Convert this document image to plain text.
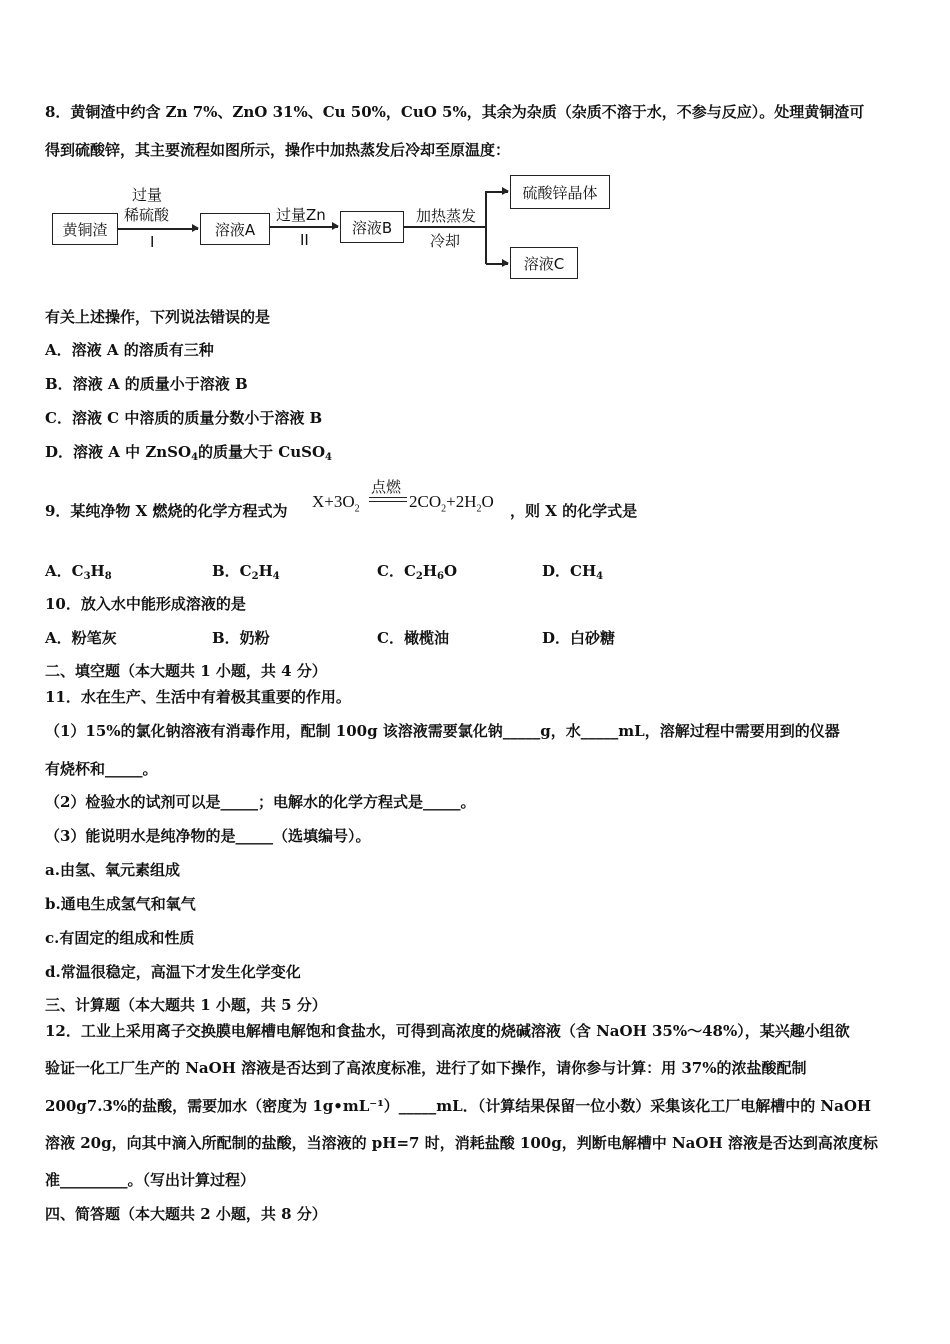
8．黄铜渣中约含 Zn 7%、ZnO 31%、Cu 50%，CuO 5%，其余为杂质（杂质不溶于水，不参与反应）。处理黄铜渣可
得到硫酸锌，其主要流程如图所示，操作中加热蒸发后冷却至原温度：
黄铜渣
过量
稀硫酸
I
溶液A
过量Zn
II
溶液B
加热蒸发
冷却
硫酸锌晶体
溶液C
有关上述操作，下列说法错误的是
A．溶液 A 的溶质有三种
B．溶液 A 的质量小于溶液 B
C．溶液 C 中溶质的质量分数小于溶液 B
D．溶液 A 中 ZnSO$_4$的质量大于 CuSO$_4$
9．某纯净物 X 燃烧的化学方程式为 $X+3O_2$
点燃
$2CO_2+2H_2O$ ，则 X 的化学式是
A．$C_3H_8$	B．$C_2H_4$	C．$C_2H_6O$	D．$CH_4$
10．放入水中能形成溶液的是
A．粉笔灰	B．奶粉	C．橄榄油	D．白砂糖
二、填空题（本大题共 1 小题，共 4 分）
11．水在生产、生活中有着极其重要的作用。
（1）15%的氯化钠溶液有消毒作用，配制 100g 该溶液需要氯化钠_____g，水_____mL，溶解过程中需要用到的仪器
有烧杯和_____。
（2）检验水的试剂可以是_____；电解水的化学方程式是_____。
（3）能说明水是纯净物的是_____（选填编号）。
a.由氢、氧元素组成
b.通电生成氢气和氧气
c.有固定的组成和性质
d.常温很稳定，高温下才发生化学变化
三、计算题（本大题共 1 小题，共 5 分）
12．工业上采用离子交换膜电解槽电解饱和食盐水，可得到高浓度的烧碱溶液（含 NaOH 35%～48%），某兴趣小组欲
验证一化工厂生产的 NaOH 溶液是否达到了高浓度标准，进行了如下操作，请你参与计算：用 37%的浓盐酸配制
200g7.3%的盐酸，需要加水（密度为 1g•mL⁻¹）_____mL．（计算结果保留一位小数）采集该化工厂电解槽中的 NaOH
溶液 20g，向其中滴入所配制的盐酸，当溶液的 pH=7 时，消耗盐酸 100g，判断电解槽中 NaOH 溶液是否达到高浓度标
准_________。（写出计算过程）
四、简答题（本大题共 2 小题，共 8 分）
